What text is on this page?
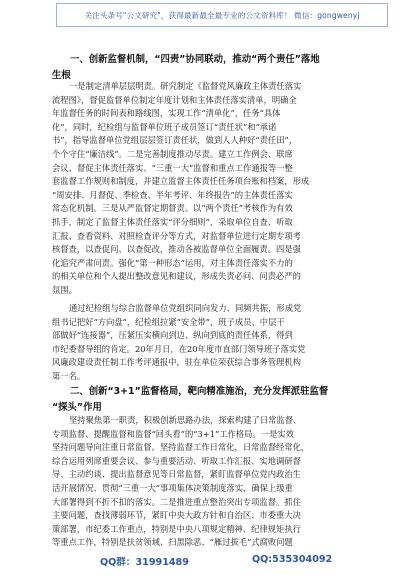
关注头条号"公文研究"，获得最新最全最专业的公文资料库！ 微信：gongwenyj
一、创新监督机制，“四责”协同联动，推动“两个责任”落地
生根
一是制定清单层层明责。研究制定《监督党风廉政主体责任落实
流程图》，督促监督单位制定年度计划和主体责任落实清单，明确全
年监督任务的时间表和路线图，实现工作“清单化”，任务“具体
化”，同时，纪检组与监督单位班子成员签订“责任状”和“承诺
书”，指导监督单位党组层层签订责任状，做到人人种好“责任田”，
个个守住“廉洁线”。二是完善制度推动尽责。建立工作例会、联席
会议、督促主体责任落实、“三重一大”监督和重点工作通报等一整
套监督工作规则和制度，并建立监督主体责任任务项台账和档案，形成
“周安排、月督促、季检查、半年考评、年终报告”的主体责任落实
常态化机制。三是从严监督定期督责。以“两个责任”考核作为有效
抓手，制定了监督主体责任落实“评分细则”，采取单位自查、听取
汇报、查看资料、对照检查评分等方式，对监督单位进行定期专项考
核督查，以查促问、以查促改，推动各被监督单位全面履责。四是强
化追究严肃问责。强化“第一种形态”运用，对主体责任落实不力的
的相关单位和个人提出整改意见和建议，形成失责必问、问责必严的
氛围。
通过纪检组与综合监督单位党组织同向发力、同频共振，形成党
组书记把好“方向盘”，纪检组拉紧“安全带”，班子成员、中层干
部做好“连接器”，压紧压实横向到边、纵向到底的责任体系，得到
市纪委督导组的肯定。20年月日，在20年度市直部门领导班子落实党
风廉政建设责任制工作考评通报中，驻在单位荣获综合事务管理机构
第一名。
二、创新“3+1”监督格局，靶向精准施治，充分发挥派驻监督
“探头”作用
坚持聚焦第一职责，积极创新思路办法，探索构建了日常监督、
专项监督、提醒监督和监督“回头看”的“3+1”工作格局。一是实效
坚持问题导向注重日常监督。坚持监督工作日常化，日常监督经常化，
综合运用列席重要会议、参与重要活动、听取工作汇报、实地调研督
导、主动约谈、提出监督意见等日常监督，紧盯监督单位党内政治生
活开展情况、贯彻“三重一大”事项集体决策制度落实，确保上级重
大部署得到不折不扣的落实。二是推进重点整治突出专项监督。抓住
主要问题，查找薄弱环节，紧盯中央大政方针和自治区、市委重大决
策部署，市纪委工作重点，特别是中央八项规定精神、纪律规矩执行
等重点工作，特别是扶贫领域、扫黑除恶、“雁过拔毛”式腐败问题
QQ群：31991489	QQ:535304092
